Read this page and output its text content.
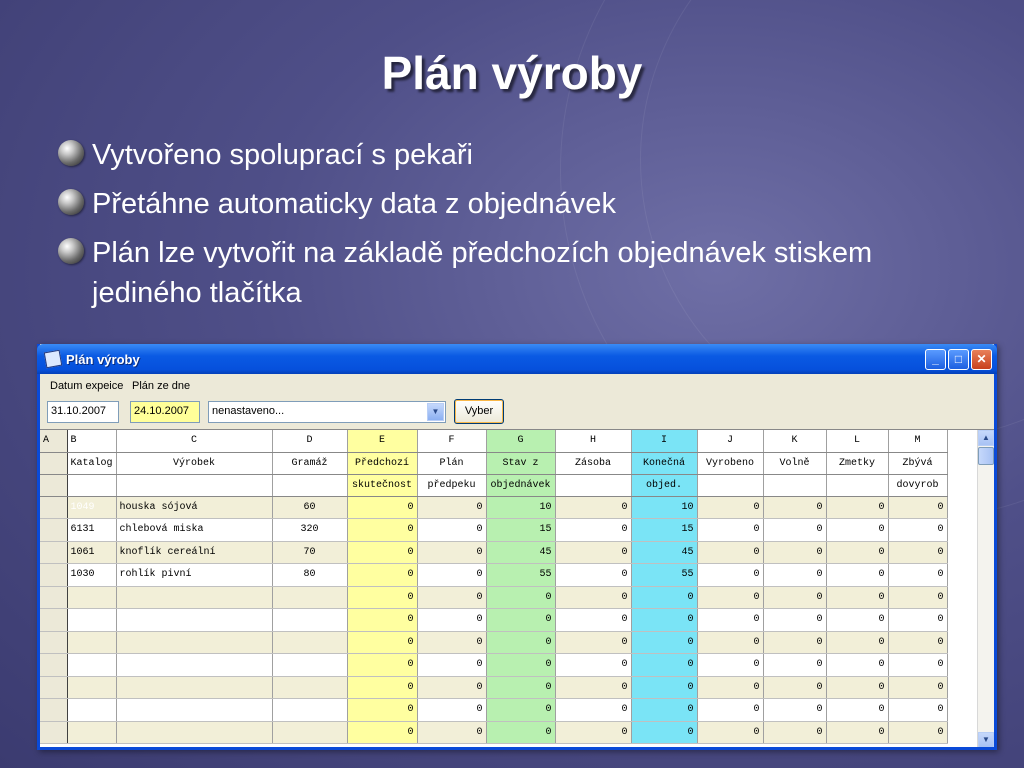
Plán výroby
Vytvořeno spoluprací s pekaři
Přetáhne automaticky data z objednávek
Plán lze vytvořit na základě předchozích objednávek stiskem jediného tlačítka
Plán výroby	_	□	✕
Datum expeice Plán ze dne
31.10.2007	24.10.2007	nenastaveno...	▼	Vyber
A	B	C	D	E	F	G	H	I	J	K	L	M
	Katalog	Výrobek	Gramáž	Předchozí	Plán	Stav z	Zásoba	Konečná	Vyrobeno	Volně	Zmetky	Zbývá
				skutečnost	předpeku	objednávek		objed.				dovyrob
	1049	houska sójová	60	0	0	10	0	10	0	0	0	0
	6131	chlebová miska	320	0	0	15	0	15	0	0	0	0
	1061	knoflík cereální	70	0	0	45	0	45	0	0	0	0
	1030	rohlík pivní	80	0	0	55	0	55	0	0	0	0
				0	0	0	0	0	0	0	0	0
				0	0	0	0	0	0	0	0	0
				0	0	0	0	0	0	0	0	0
				0	0	0	0	0	0	0	0	0
				0	0	0	0	0	0	0	0	0
				0	0	0	0	0	0	0	0	0
				0	0	0	0	0	0	0	0	0
▲
▼
